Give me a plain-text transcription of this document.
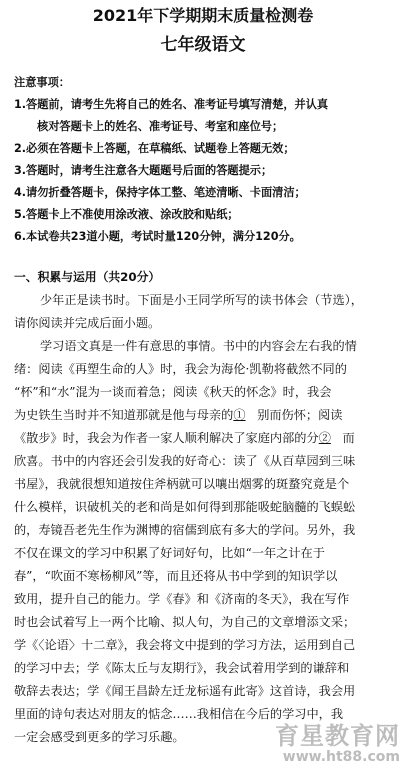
2021年下学期期末质量检测卷
七年级语文
注意事项：
1.答题前，请考生先将自己的姓名、准考证号填写清楚，并认真
核对答题卡上的姓名、准考证号、考室和座位号；
2.必须在答题卡上答题，在草稿纸、试题卷上答题无效；
3.答题时，请考生注意各大题题号后面的答题提示；
4.请勿折叠答题卡，保持字体工整、笔迹清晰、卡面清洁；
5.答题卡上不准使用涂改液、涂改胶和贴纸；
6.本试卷共23道小题，考试时量120分钟，满分120分。
一、积累与运用（共20分）
少年正是读书时。下面是小王同学所写的读书体会（节选），
请你阅读并完成后面小题。
学习语文真是一件有意思的事情。书中的内容会左右我的情
绪：阅读《再塑生命的人》时，我会为海伦·凯勒将截然不同的
“杯”和“水”混为一谈而着急；阅读《秋天的怀念》时，我会
为史铁生当时并不知道那就是他与母亲的① 别而伤怀；阅读
《散步》时，我会为作者一家人顺利解决了家庭内部的分② 而
欣喜。书中的内容还会引发我的好奇心：读了《从百草园到三味
书屋》，我就很想知道按住斧柄就可以嚷出烟雾的斑蝥究竟是个
什么模样，识破机关的老和尚是如何得到那能吸蛇脑髓的飞蜈蚣
的，寿镜吾老先生作为渊博的宿儒到底有多大的学问。另外，我
不仅在课文的学习中积累了好词好句，比如“一年之计在于
春”，“吹面不寒杨柳风”等，而且还将从书中学到的知识学以
致用，提升自己的能力。学《春》和《济南的冬天》，我在写作
时也会试着写上一两个比喻、拟人句，为自己的文章增添文采；
学《〈论语〉十二章》，我会将文中提到的学习方法，运用到自己
的学习中去；学《陈太丘与友期行》，我会试着用学到的谦辞和
敬辞去表达；学《闻王昌龄左迁龙标遥有此寄》这首诗，我会用
里面的诗句表达对朋友的惦念……我相信在今后的学习中，我
一定会感受到更多的学习乐趣。	育星教育网
www.ht88.com
